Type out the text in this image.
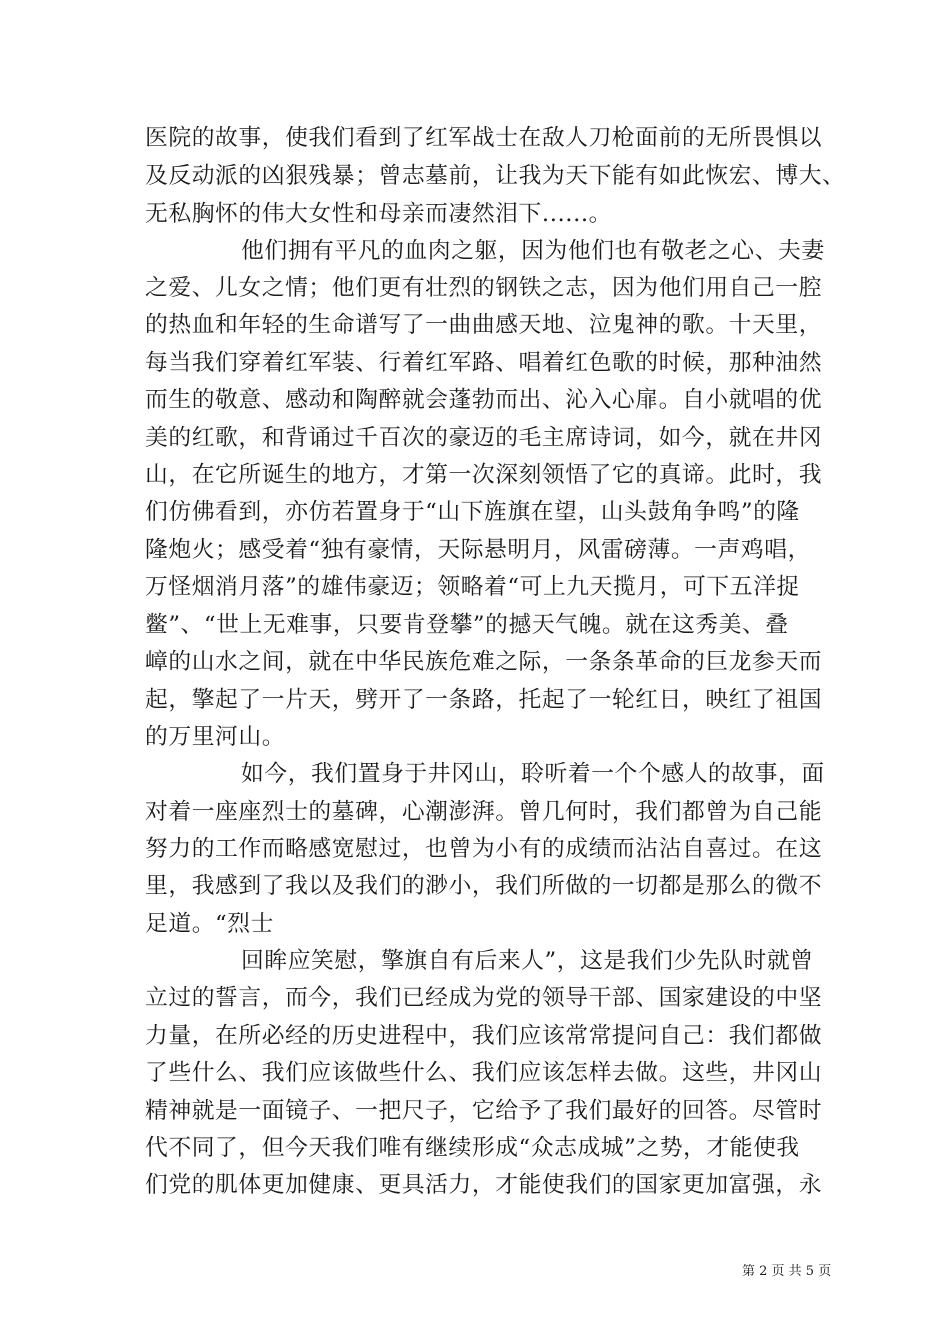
医院的故事，使我们看到了红军战士在敌人刀枪面前的无所畏惧以

及反动派的凶狠残暴；曾志墓前，让我为天下能有如此恢宏、博大、

无私胸怀的伟大女性和母亲而凄然泪下......。

他们拥有平凡的血肉之躯，因为他们也有敬老之心、夫妻

之爱、儿女之情；他们更有壮烈的钢铁之志，因为他们用自己一腔

的热血和年轻的生命谱写了一曲曲感天地、泣鬼神的歌。十天里，

每当我们穿着红军装、行着红军路、唱着红色歌的时候，那种油然

而生的敬意、感动和陶醉就会蓬勃而出、沁入心扉。自小就唱的优

美的红歌，和背诵过千百次的豪迈的毛主席诗词，如今，就在井冈

山，在它所诞生的地方，才第一次深刻领悟了它的真谛。此时，我

们仿佛看到，亦仿若置身于“山下旌旗在望，山头鼓角争鸣”的隆

隆炮火；感受着“独有豪情，天际悬明月，风雷磅薄。一声鸡唱，

万怪烟消月落”的雄伟豪迈；领略着“可上九天揽月，可下五洋捉

鳖”、“世上无难事，只要肯登攀”的撼天气魄。就在这秀美、叠

嶂的山水之间，就在中华民族危难之际，一条条革命的巨龙参天而

起，擎起了一片天，劈开了一条路，托起了一轮红日，映红了祖国

的万里河山。

如今，我们置身于井冈山，聆听着一个个感人的故事，面

对着一座座烈士的墓碑，心潮澎湃。曾几何时，我们都曾为自己能

努力的工作而略感宽慰过，也曾为小有的成绩而沾沾自喜过。在这

里，我感到了我以及我们的渺小，我们所做的一切都是那么的微不

足道。“烈士

回眸应笑慰，擎旗自有后来人”，这是我们少先队时就曾

立过的誓言，而今，我们已经成为党的领导干部、国家建设的中坚

力量，在所必经的历史进程中，我们应该常常提问自己：我们都做

了些什么、我们应该做些什么、我们应该怎样去做。这些，井冈山

精神就是一面镜子、一把尺子，它给予了我们最好的回答。尽管时

代不同了，但今天我们唯有继续形成“众志成城”之势，才能使我

们党的肌体更加健康、更具活力，才能使我们的国家更加富强，永

第 2 页 共 5 页
